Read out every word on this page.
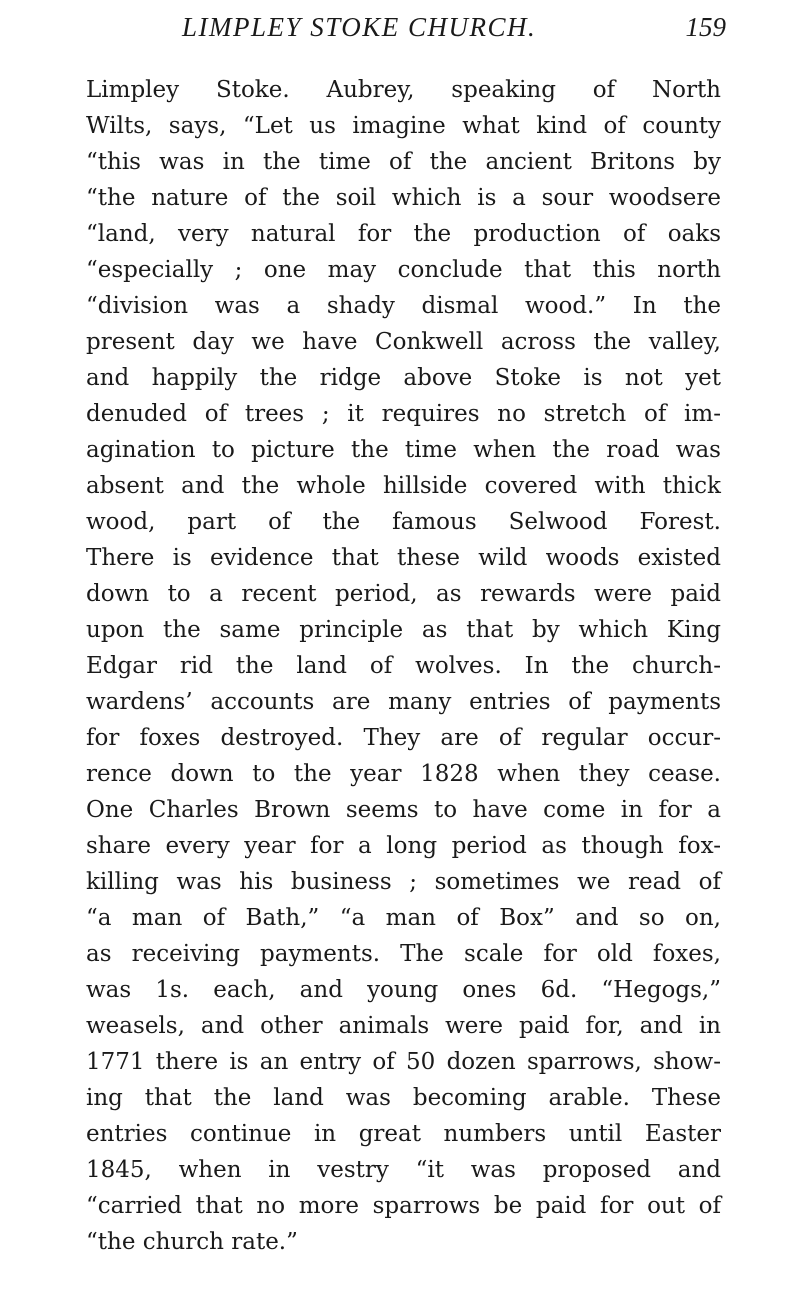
LIMPLEY STOKE CHURCH.	159
Limpley Stoke. Aubrey, speaking of North
Wilts, says, “Let us imagine what kind of county
“this was in the time of the ancient Britons by
“the nature of the soil which is a sour woodsere
“land, very natural for the production of oaks
“especially ; one may conclude that this north
“division was a shady dismal wood.” In the
present day we have Conkwell across the valley,
and happily the ridge above Stoke is not yet
denuded of trees ; it requires no stretch of im-
agination to picture the time when the road was
absent and the whole hillside covered with thick
wood, part of the famous Selwood Forest.
There is evidence that these wild woods existed
down to a recent period, as rewards were paid
upon the same principle as that by which King
Edgar rid the land of wolves. In the church-
wardens’ accounts are many entries of payments
for foxes destroyed. They are of regular occur-
rence down to the year 1828 when they cease.
One Charles Brown seems to have come in for a
share every year for a long period as though fox-
killing was his business ; sometimes we read of
“a man of Bath,” “a man of Box” and so on,
as receiving payments. The scale for old foxes,
was 1s. each, and young ones 6d. “Hegogs,”
weasels, and other animals were paid for, and in
1771 there is an entry of 50 dozen sparrows, show-
ing that the land was becoming arable. These
entries continue in great numbers until Easter
1845, when in vestry “it was proposed and
“carried that no more sparrows be paid for out of
“the church rate.”
